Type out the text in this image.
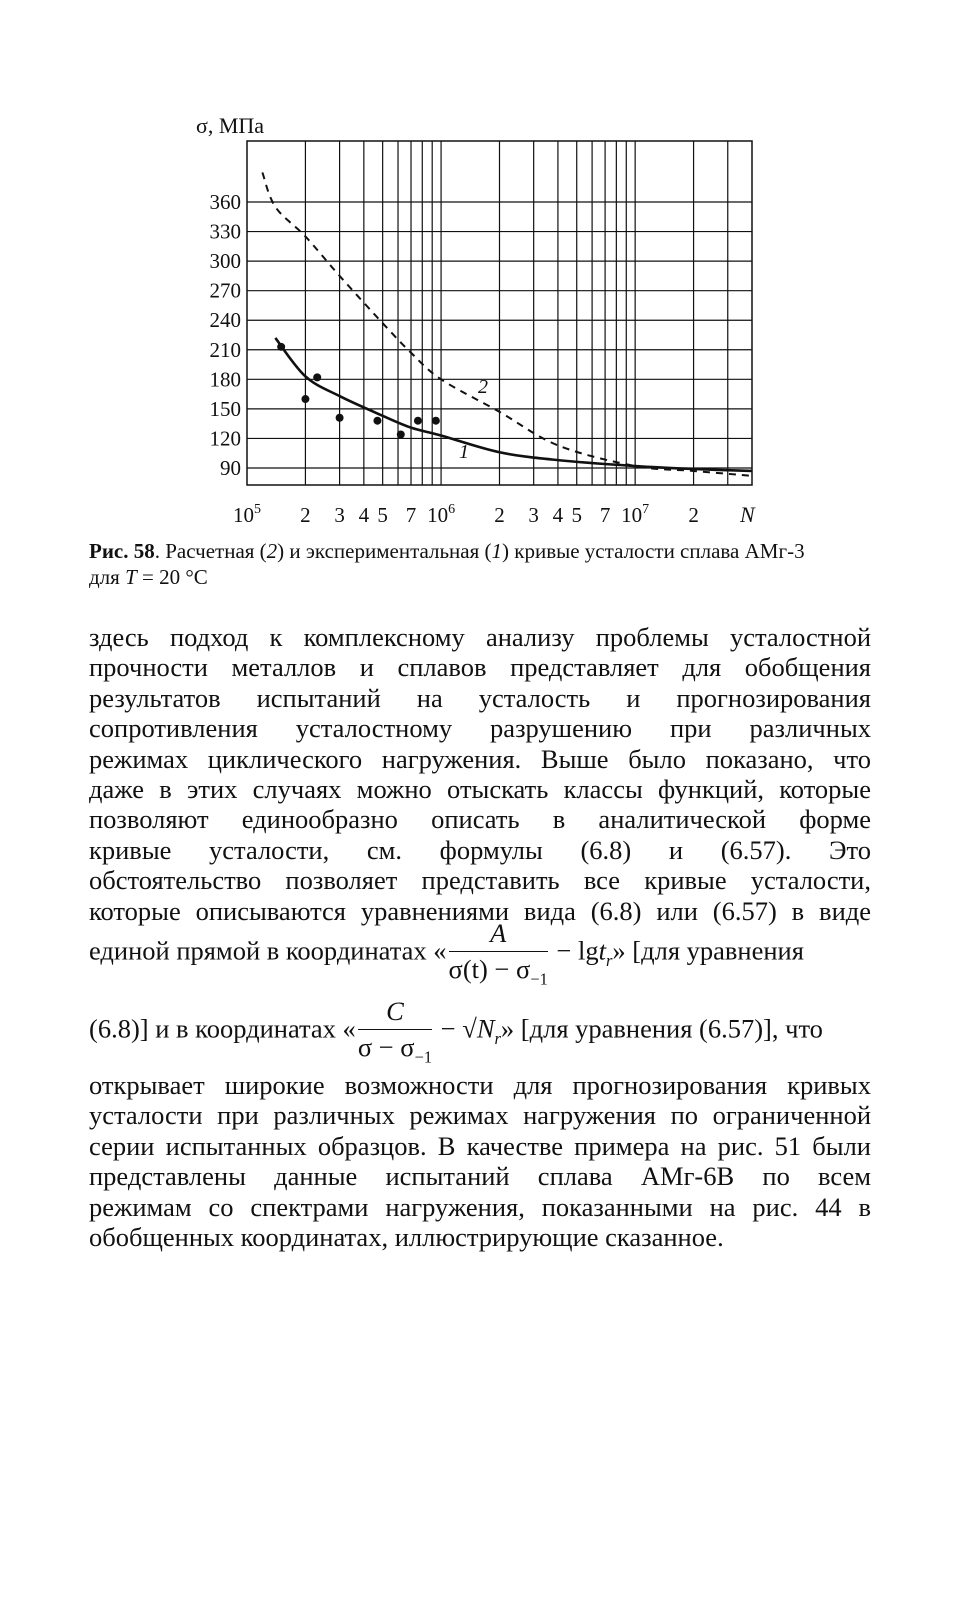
σ, МПа
360
330
300
270
240
210
180
150
120
90
$10^5$ 2 3 4 5 7 $10^6$ 2 3 4 5 7 $10^7$ 2
2
1
N
Рис. 58. Расчетная (2) и экспериментальная (1) кривые усталости сплава АМг-3
для T = 20 °C
здесь подход к комплексному анализу проблемы усталостной
прочности металлов и сплавов представляет для обобщения
результатов испытаний на усталость и прогнозирования
сопротивления усталостному разрушению при различных
режимах циклического нагружения. Выше было показано, что
даже в этих случаях можно отыскать классы функций, которые
позволяют единообразно описать в аналитической форме
кривые усталости, см. формулы (6.8) и (6.57). Это
обстоятельство позволяет представить все кривые усталости,
которые описываются уравнениями вида (6.8) или (6.57) в виде
единой прямой в координатах « $\frac{A}{\sigma(t) - \sigma_{-1}} - \lg t_r$» [для уравнения
(6.8)] и в координатах « $\frac{C}{\sigma - \sigma_{-1}} - √N_r$» [для уравнения (6.57)], что
открывает широкие возможности для прогнозирования кривых
усталости при различных режимах нагружения по ограниченной
серии испытанных образцов. В качестве примера на рис. 51 были
представлены данные испытаний сплава АМг-6В по всем
режимам со спектрами нагружения, показанными на рис. 44 в
обобщенных координатах, иллюстрирующие сказанное.
